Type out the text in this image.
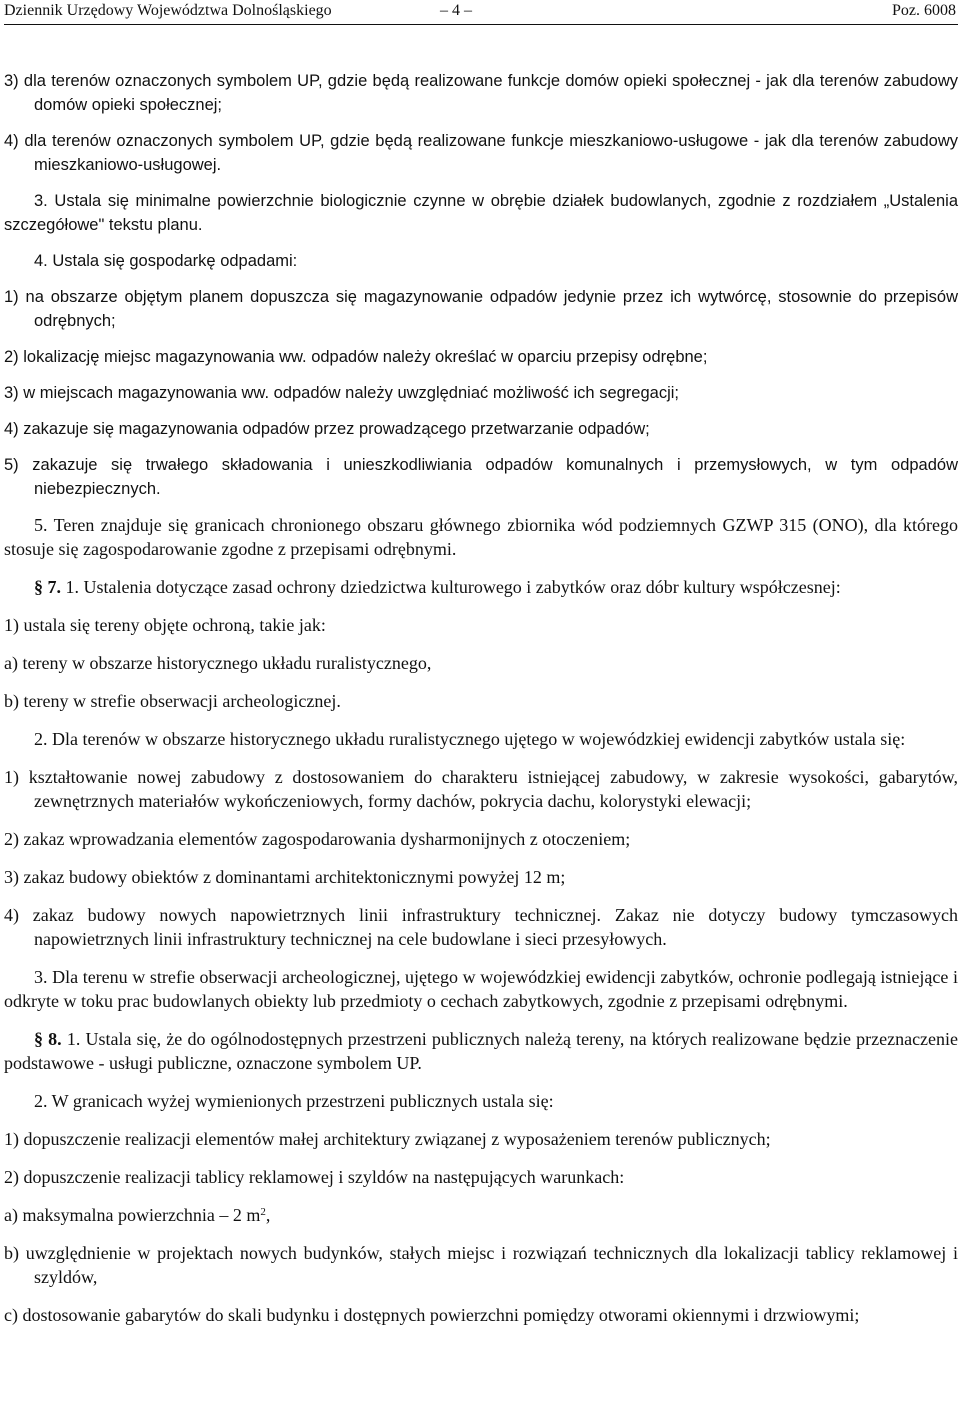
Dziennik Urzędowy Województwa Dolnośląskiego	– 4 –	Poz. 6008

3) dla terenów oznaczonych symbolem UP, gdzie będą realizowane funkcje domów opieki społecznej - jak dla terenów zabudowy domów opieki społecznej;

4) dla terenów oznaczonych symbolem UP, gdzie będą realizowane funkcje mieszkaniowo-usługowe - jak dla terenów zabudowy mieszkaniowo-usługowej.

3. Ustala się minimalne powierzchnie biologicznie czynne w obrębie działek budowlanych, zgodnie z rozdziałem „Ustalenia szczegółowe" tekstu planu.

4. Ustala się gospodarkę odpadami:

1) na obszarze objętym planem dopuszcza się magazynowanie odpadów jedynie przez ich wytwórcę, stosownie do przepisów odrębnych;

2) lokalizację miejsc magazynowania ww. odpadów należy określać w oparciu przepisy odrębne;

3) w miejscach magazynowania ww. odpadów należy uwzględniać możliwość ich segregacji;

4) zakazuje się magazynowania odpadów przez prowadzącego przetwarzanie odpadów;

5) zakazuje się trwałego składowania i unieszkodliwiania odpadów komunalnych i przemysłowych, w tym odpadów niebezpiecznych.

5. Teren znajduje się granicach chronionego obszaru głównego zbiornika wód podziemnych GZWP 315 (ONO), dla którego stosuje się zagospodarowanie zgodne z przepisami odrębnymi.

§ 7. 1. Ustalenia dotyczące zasad ochrony dziedzictwa kulturowego i zabytków oraz dóbr kultury współczesnej:

1) ustala się tereny objęte ochroną, takie jak:

a) tereny w obszarze historycznego układu ruralistycznego,

b) tereny w strefie obserwacji archeologicznej.

2. Dla terenów w obszarze historycznego układu ruralistycznego ujętego w wojewódzkiej ewidencji zabytków ustala się:

1) kształtowanie nowej zabudowy z dostosowaniem do charakteru istniejącej zabudowy, w zakresie wysokości, gabarytów, zewnętrznych materiałów wykończeniowych, formy dachów, pokrycia dachu, kolorystyki elewacji;

2) zakaz wprowadzania elementów zagospodarowania dysharmonijnych z otoczeniem;

3) zakaz budowy obiektów z dominantami architektonicznymi powyżej 12 m;

4) zakaz budowy nowych napowietrznych linii infrastruktury technicznej. Zakaz nie dotyczy budowy tymczasowych napowietrznych linii infrastruktury technicznej na cele budowlane i sieci przesyłowych.

3. Dla terenu w strefie obserwacji archeologicznej, ujętego w wojewódzkiej ewidencji zabytków, ochronie podlegają istniejące i odkryte w toku prac budowlanych obiekty lub przedmioty o cechach zabytkowych, zgodnie z przepisami odrębnymi.

§ 8. 1. Ustala się, że do ogólnodostępnych przestrzeni publicznych należą tereny, na których realizowane będzie przeznaczenie podstawowe - usługi publiczne, oznaczone symbolem UP.

2. W granicach wyżej wymienionych przestrzeni publicznych ustala się:

1) dopuszczenie realizacji elementów małej architektury związanej z wyposażeniem terenów publicznych;

2) dopuszczenie realizacji tablicy reklamowej i szyldów na następujących warunkach:

a) maksymalna powierzchnia – 2 $m^2$,

b) uwzględnienie w projektach nowych budynków, stałych miejsc i rozwiązań technicznych dla lokalizacji tablicy reklamowej i szyldów,

c) dostosowanie gabarytów do skali budynku i dostępnych powierzchni pomiędzy otworami okiennymi i drzwiowymi;
